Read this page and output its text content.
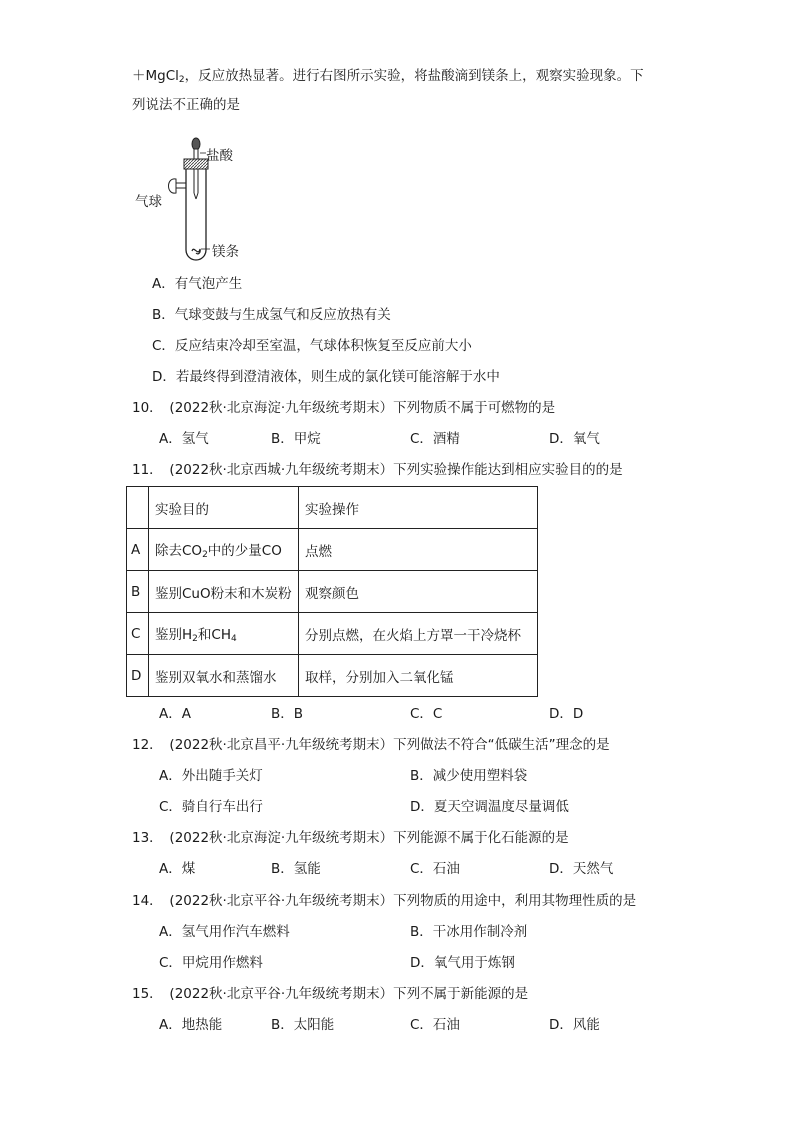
＋MgCl$_2$，反应放热显著。进行右图所示实验，将盐酸滴到镁条上，观察实验现象。下
列说法不正确的是
盐酸
气球
镁条
A．有气泡产生
B．气球变鼓与生成氢气和反应放热有关
C．反应结束冷却至室温，气球体积恢复至反应前大小
D．若最终得到澄清液体，则生成的氯化镁可能溶解于水中
10．　(2022秋·北京海淀·九年级统考期末）下列物质不属于可燃物的是
A．氢气	B．甲烷	C．酒精	D．氧气
11．　(2022秋·北京西城·九年级统考期末）下列实验操作能达到相应实验目的的是
	实验目的	实验操作
A	除去$CO_2$中的少量CO	点燃
B	鉴别CuO粉末和木炭粉	观察颜色
C	鉴别$H_2$和$CH_4$	分别点燃，在火焰上方罩一干冷烧杯
D	鉴别双氧水和蒸馏水	取样，分别加入二氧化锰
A．A	B．B	C．C	D．D
12．　(2022秋·北京昌平·九年级统考期末）下列做法不符合“低碳生活”理念的是
A．外出随手关灯	B．减少使用塑料袋
C．骑自行车出行	D．夏天空调温度尽量调低
13．　(2022秋·北京海淀·九年级统考期末）下列能源不属于化石能源的是
A．煤	B．氢能	C．石油	D．天然气
14．　(2022秋·北京平谷·九年级统考期末）下列物质的用途中，利用其物理性质的是
A．氢气用作汽车燃料	B．干冰用作制冷剂
C．甲烷用作燃料	D．氧气用于炼钢
15．　(2022秋·北京平谷·九年级统考期末）下列不属于新能源的是
A．地热能	B．太阳能	C．石油	D．风能
